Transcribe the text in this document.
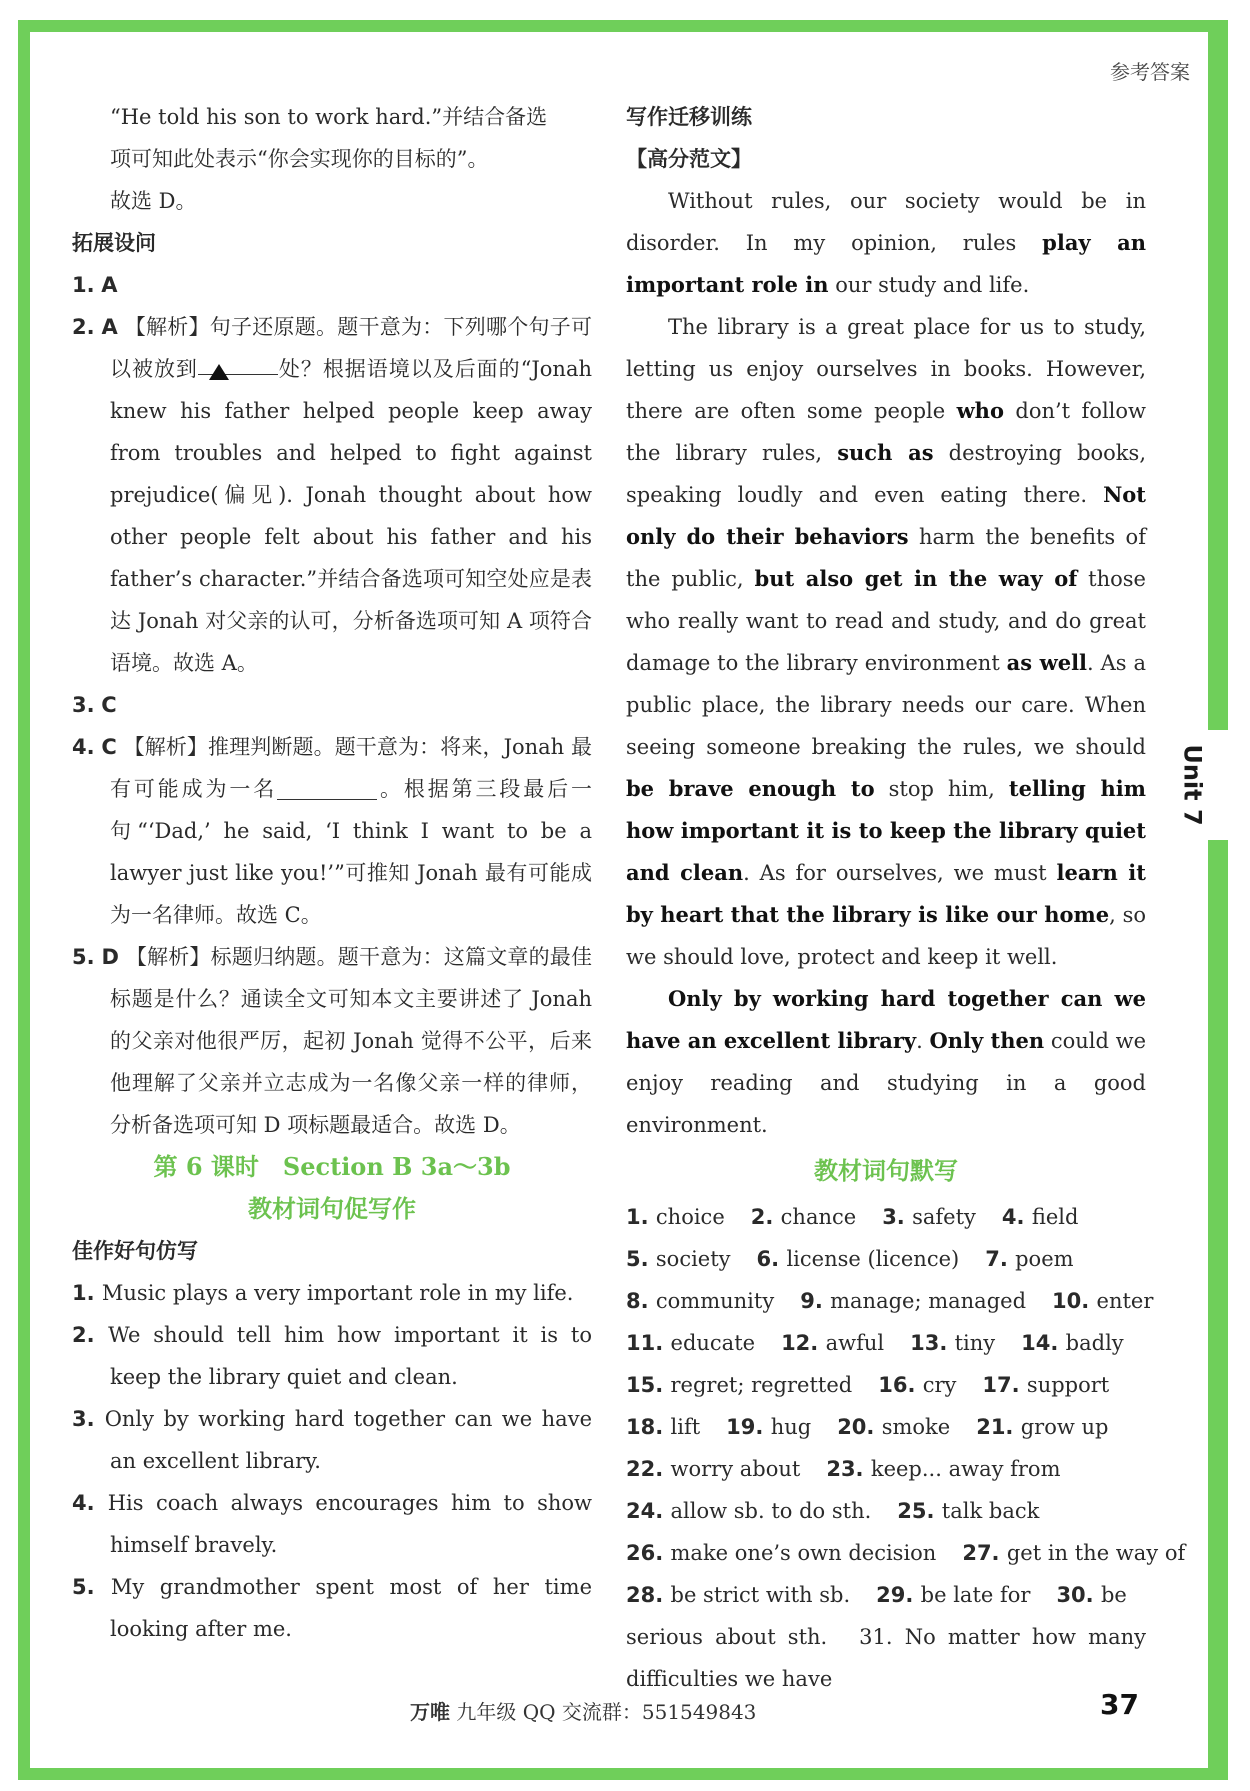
Unit 7
参考答案

“He told his son to work hard.”并结合备选
项可知此处表示“你会实现你的目标的”。
故选 D。

拓展设问

1. A

2. A 【解析】句子还原题。题干意为：下列哪个句子可以被放到	处？根据语境以及后面的“Jonah knew his father helped people keep away from troubles and helped to fight against prejudice(偏见). Jonah thought about how other people felt about his father and his father’s character.”并结合备选项可知空处应是表达 Jonah 对父亲的认可，分析备选项可知 A 项符合语境。故选 A。

3. C

4. C 【解析】推理判断题。题干意为：将来，Jonah 最有可能成为一名	。根据第三段最后一句“‘Dad,’ he said, ‘I think I want to be a lawyer just like you!’”可推知 Jonah 最有可能成为一名律师。故选 C。

5. D 【解析】标题归纳题。题干意为：这篇文章的最佳标题是什么？通读全文可知本文主要讲述了 Jonah 的父亲对他很严厉，起初 Jonah 觉得不公平，后来他理解了父亲并立志成为一名像父亲一样的律师，分析备选项可知 D 项标题最适合。故选 D。

第 6 课时　Section B 3a～3b

教材词句促写作

佳作好句仿写

1. Music plays a very important role in my life.

2. We should tell him how important it is to keep the library quiet and clean.

3. Only by working hard together can we have an excellent library.

4. His coach always encourages him to show himself bravely.

5. My grandmother spent most of her time looking after me.

写作迁移训练

【高分范文】

Without rules, our society would be in disorder. In my opinion, rules play an important role in our study and life.

The library is a great place for us to study, letting us enjoy ourselves in books. However, there are often some people who don’t follow the library rules, such as destroying books, speaking loudly and even eating there. Not only do their behaviors harm the benefits of the public, but also get in the way of those who really want to read and study, and do great damage to the library environment as well. As a public place, the library needs our care. When seeing someone breaking the rules, we should be brave enough to stop him, telling him how important it is to keep the library quiet and clean. As for ourselves, we must learn it by heart that the library is like our home, so we should love, protect and keep it well.

Only by working hard together can we have an excellent library. Only then could we enjoy reading and studying in a good environment.

教材词句默写

1. choice 2. chance 3. safety 4. field
5. society 6. license (licence) 7. poem
8. community 9. manage; managed 10. enter
11. educate 12. awful 13. tiny 14. badly
15. regret; regretted 16. cry 17. support
18. lift 19. hug 20. smoke 21. grow up
22. worry about 23. keep... away from
24. allow sb. to do sth. 25. talk back
26. make one’s own decision 27. get in the way of
28. be strict with sb. 29. be late for 30. be

serious about sth.　31. No matter how many difficulties we have

万唯 九年级 QQ 交流群：551549843	37
